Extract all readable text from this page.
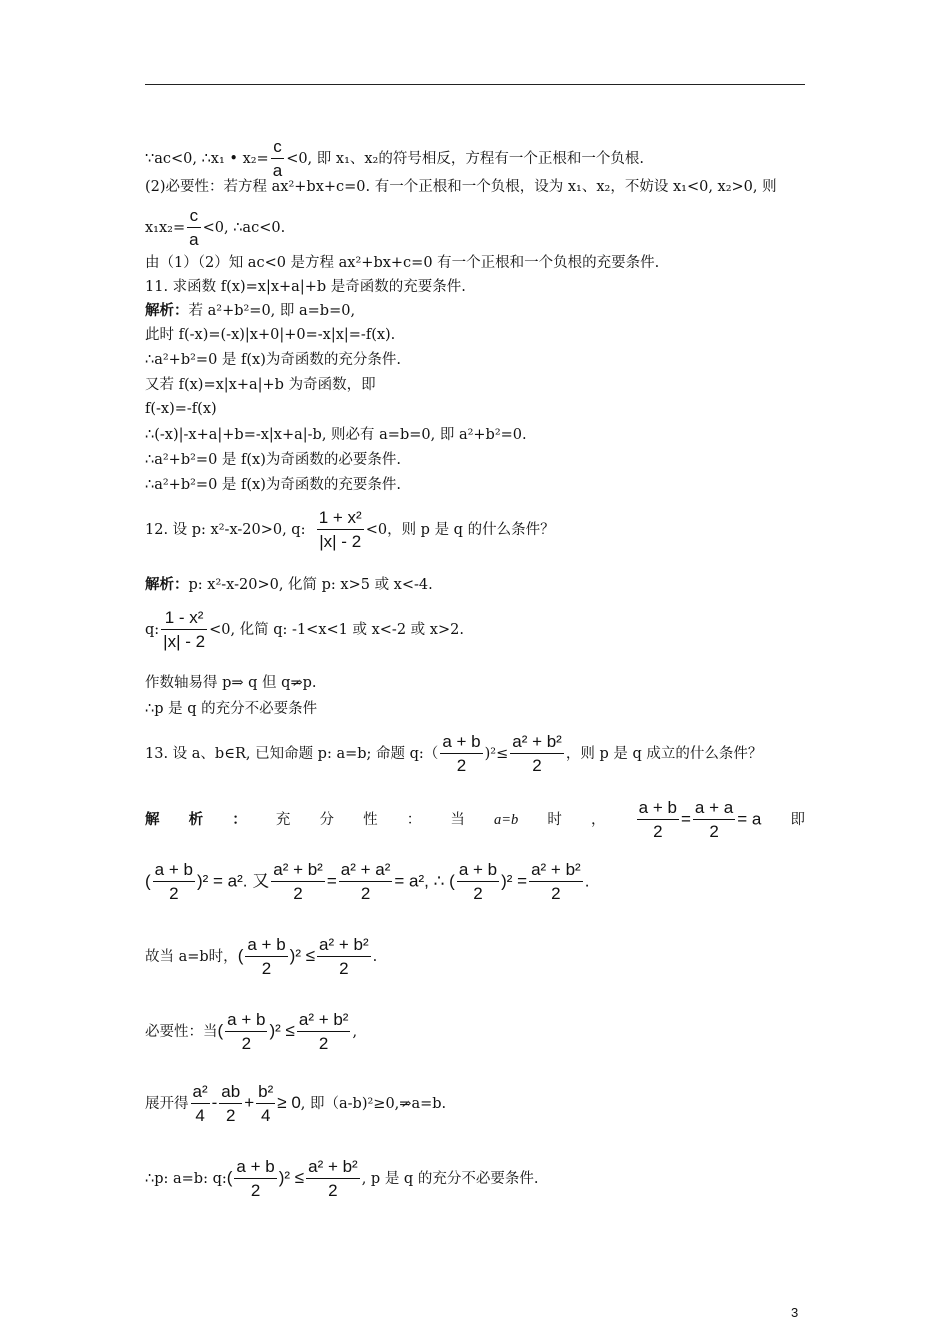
∵ac<0, ∴x₁ • $x_2= \frac{c}{a} <0$, 即 x₁、x₂的符号相反，方程有一个正根和一个负根.
(2)必要性：若方程 ax²+bx+c=0. 有一个正根和一个负根，设为 x₁、x₂，不妨设 x₁<0, x₂>0, 则
$x_1x_2= \frac{c}{a} <0$, ∴ac<0.
由（1）（2）知 ac<0 是方程 ax²+bx+c=0 有一个正根和一个负根的充要条件.
11. 求函数 f(x)=x|x+a|+b 是奇函数的充要条件.
解析：若 a²+b²=0, 即 a=b=0,
此时 f(-x)=(-x)|x+0|+0=-x|x|=-f(x).
∴a²+b²=0 是 f(x)为奇函数的充分条件.
又若 f(x)=x|x+a|+b 为奇函数，即
f(-x)=-f(x)
∴(-x)|-x+a|+b=-x|x+a|-b, 则必有 a=b=0, 即 a²+b²=0.
∴a²+b²=0 是 f(x)为奇函数的必要条件.
∴a²+b²=0 是 f(x)为奇函数的充要条件.
12. 设 p: x²-x-20>0, q: $\frac{\text{1 + x²}}{|x| - 2} <0$，则 p 是 q 的什么条件？
解析：p: x²-x-20>0, 化简 p: x>5 或 x<-4.
q: $\frac{\text{1 - x²}}{|x| - 2} <0$, 化简 q: -1<x<1 或 x<-2 或 x>2.
作数轴易得 p⇒ q 但 q⇒p.
∴p 是 q 的充分不必要条件
13. 设 a、b∈R, 已知命题 p: a=b; 命题 q:（ $\frac{a + b}{2} )^2\le \frac{\text{a² + b²}}{2}$ ，则 p 是 q 成立的什么条件？
解 析 ： 充 分 性 ： 当 a=b 时 ， $\frac{a + b}{2} = \frac{a + a}{2} = a$ 即
( $\frac{a + b}{2} )^2 = a^2$. 又 $\frac{\text{a² + b²}}{2} = \frac{\text{a² + a²}}{2} = a^2$, ∴ ( $\frac{a + b}{2} )^2 = \frac{\text{a² + b²}}{2}$ .
故当 a=b时，( $\frac{a + b}{2} )^2 \le \frac{\text{a² + b²}}{2}$ .
必要性：当( $\frac{a + b}{2} )^2 \le \frac{\text{a² + b²}}{2}$ ,
展开得 $\frac{\text{a²}}{4} - \frac{ab}{2} + \frac{\text{b²}}{4} \ge 0$, 即（a-b)²≥0,⇒a=b.
∴p: a=b: q:( $\frac{a + b}{2} )^2 \le \frac{\text{a² + b²}}{2}$ , p 是 q 的充分不必要条件.
3
